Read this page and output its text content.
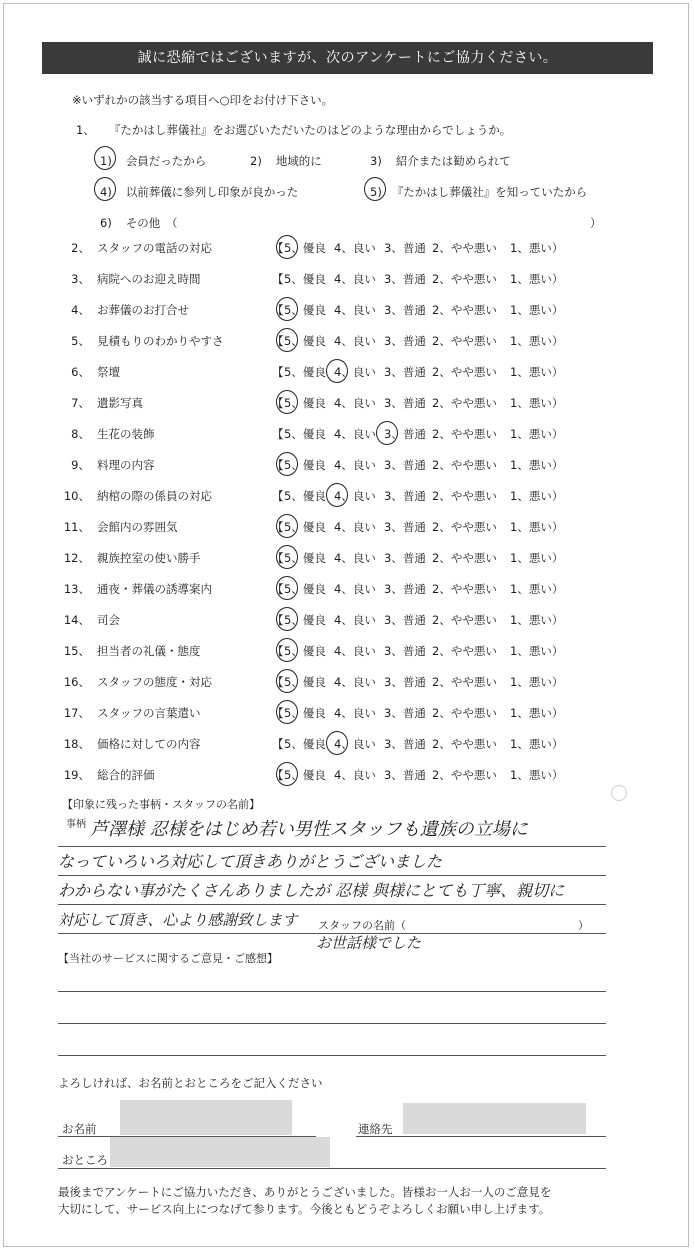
誠に恐縮ではございますが、次のアンケートにご協力ください。
※いずれかの該当する項目へ○印をお付け下さい。
1、 『たかはし葬儀社』をお選びいただいたのはどのような理由からでしょうか。
1) 会員だったから	2) 地域的に	3) 紹介または勧められて
4) 以前葬儀に参列し印象が良かった	5) 『たかはし葬儀社』を知っていたから
6) その他　（	）
2、 スタッフの電話の対応	【 5、優良 4、良い 3、普通 2、やや悪い 1、悪い）
3、 病院へのお迎え時間	【 5、優良 4、良い 3、普通 2、やや悪い 1、悪い）
4、 お葬儀のお打合せ	【 5、優良 4、良い 3、普通 2、やや悪い 1、悪い）
5、 見積もりのわかりやすさ	【 5、優良 4、良い 3、普通 2、やや悪い 1、悪い）
6、 祭壇	【 5、優良 4、良い 3、普通 2、やや悪い 1、悪い）
7、 遺影写真	【 5、優良 4、良い 3、普通 2、やや悪い 1、悪い）
8、 生花の装飾	【 5、優良 4、良い 3、普通 2、やや悪い 1、悪い）
9、 料理の内容	【 5、優良 4、良い 3、普通 2、やや悪い 1、悪い）
10、 納棺の際の係員の対応	【 5、優良 4、良い 3、普通 2、やや悪い 1、悪い）
11、 会館内の雰囲気	【 5、優良 4、良い 3、普通 2、やや悪い 1、悪い）
12、 親族控室の使い勝手	【 5、優良 4、良い 3、普通 2、やや悪い 1、悪い）
13、 通夜・葬儀の誘導案内	【 5、優良 4、良い 3、普通 2、やや悪い 1、悪い）
14、 司会	【 5、優良 4、良い 3、普通 2、やや悪い 1、悪い）
15、 担当者の礼儀・態度	【 5、優良 4、良い 3、普通 2、やや悪い 1、悪い）
16、 スタッフの態度・対応	【 5、優良 4、良い 3、普通 2、やや悪い 1、悪い）
17、 スタッフの言葉遣い	【 5、優良 4、良い 3、普通 2、やや悪い 1、悪い）
18、 価格に対しての内容	【 5、優良 4、良い 3、普通 2、やや悪い 1、悪い）
19、 総合的評価	【 5、優良 4、良い 3、普通 2、やや悪い 1、悪い）
【印象に残った事柄・スタッフの名前】
事柄 芦澤様 忍様をはじめ若い男性スタッフも遺族の立場に
なっていろいろ対応して頂きありがとうございました
わからない事がたくさんありましたが 忍様 與様にとても丁寧、親切に
対応して頂き、心より感謝致します スタッフの名前（	）
お世話様でした
【当社のサービスに関するご意見・ご感想】
よろしければ、お名前とおところをご記入ください
お名前	連絡先
おところ
最後までアンケートにご協力いただき、ありがとうございました。皆様お一人お一人のご意見を
大切にして、サービス向上につなげて参ります。今後ともどうぞよろしくお願い申し上げます。
